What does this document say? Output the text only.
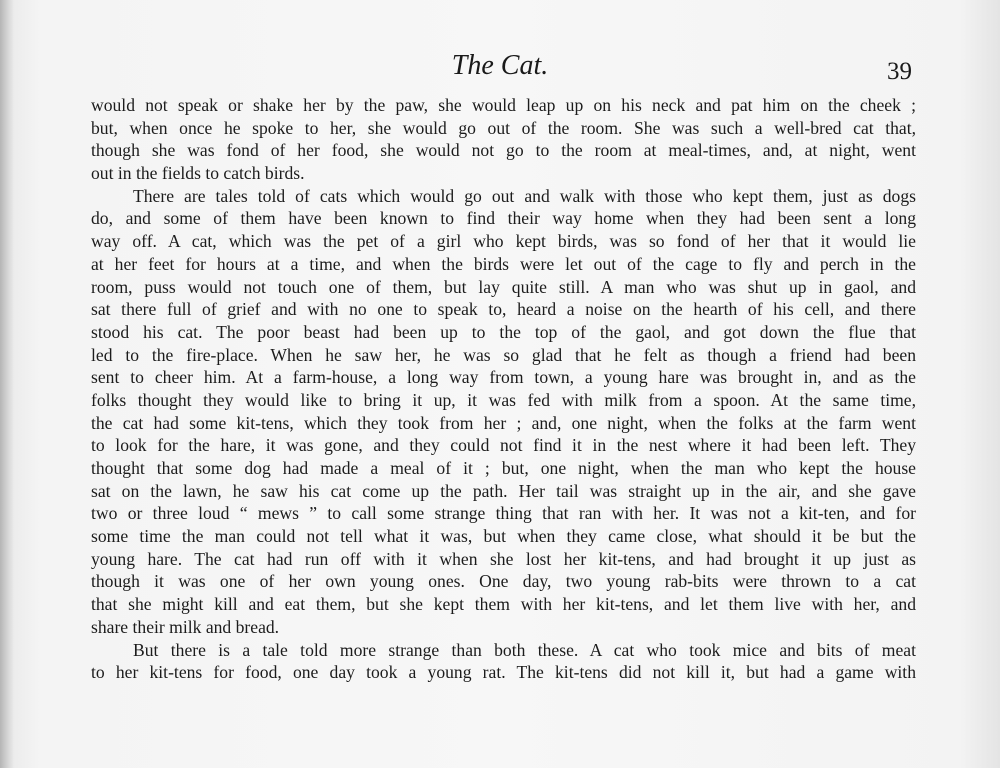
The Cat.	39
would not speak or shake her by the paw, she would leap up on his neck and pat him on the cheek ;
but, when once he spoke to her, she would go out of the room. She was such a well-bred cat that,
though she was fond of her food, she would not go to the room at meal-times, and, at night, went
out in the fields to catch birds.
There are tales told of cats which would go out and walk with those who kept them, just as dogs
do, and some of them have been known to find their way home when they had been sent a long
way off. A cat, which was the pet of a girl who kept birds, was so fond of her that it would lie
at her feet for hours at a time, and when the birds were let out of the cage to fly and perch in the
room, puss would not touch one of them, but lay quite still. A man who was shut up in gaol, and
sat there full of grief and with no one to speak to, heard a noise on the hearth of his cell, and there
stood his cat. The poor beast had been up to the top of the gaol, and got down the flue that
led to the fire-place. When he saw her, he was so glad that he felt as though a friend had been
sent to cheer him. At a farm-house, a long way from town, a young hare was brought in, and as the
folks thought they would like to bring it up, it was fed with milk from a spoon. At the same time,
the cat had some kit-tens, which they took from her ; and, one night, when the folks at the farm went
to look for the hare, it was gone, and they could not find it in the nest where it had been left. They
thought that some dog had made a meal of it ; but, one night, when the man who kept the house
sat on the lawn, he saw his cat come up the path. Her tail was straight up in the air, and she gave
two or three loud “ mews ” to call some strange thing that ran with her. It was not a kit-ten, and for
some time the man could not tell what it was, but when they came close, what should it be but the
young hare. The cat had run off with it when she lost her kit-tens, and had brought it up just as
though it was one of her own young ones. One day, two young rab-bits were thrown to a cat
that she might kill and eat them, but she kept them with her kit-tens, and let them live with her, and
share their milk and bread.
But there is a tale told more strange than both these. A cat who took mice and bits of meat
to her kit-tens for food, one day took a young rat. The kit-tens did not kill it, but had a game with
